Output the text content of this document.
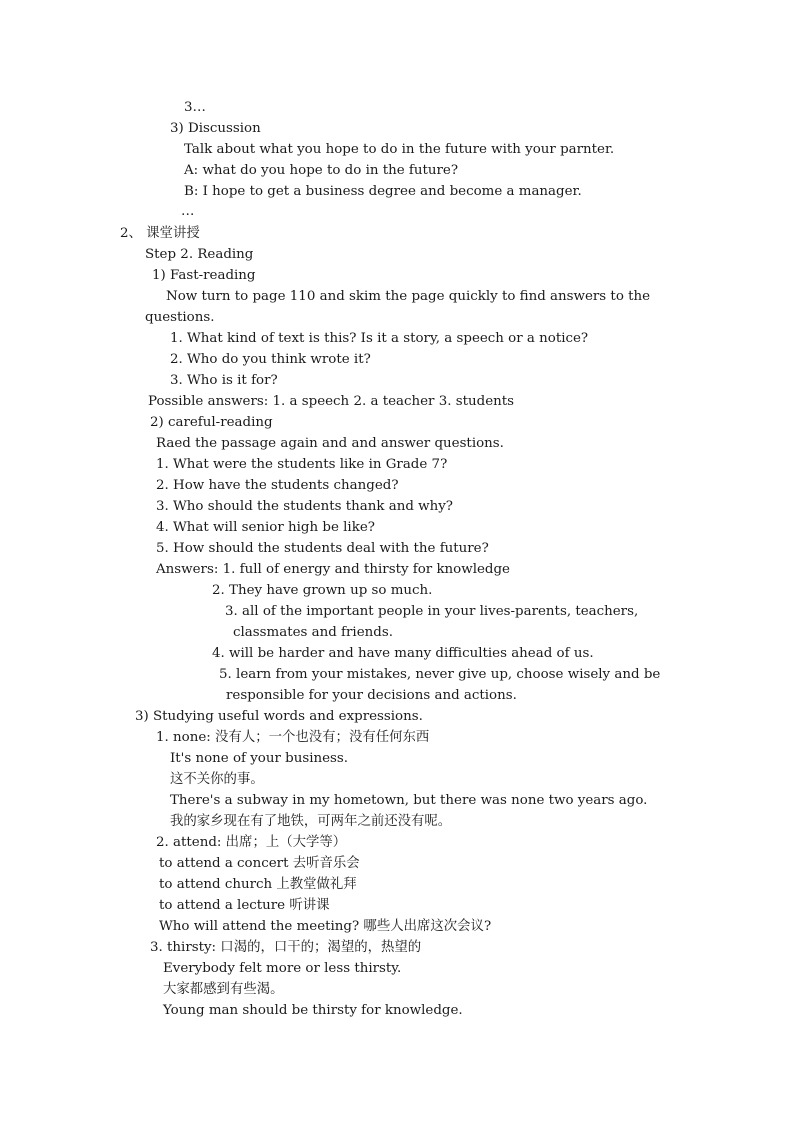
3…
3) Discussion
Talk about what you hope to do in the future with your parnter.
A: what do you hope to do in the future?
B: I hope to get a business degree and become a manager.
…
2、 课堂讲授
Step 2. Reading
1) Fast-reading
Now turn to page 110 and skim the page quickly to find answers to the
questions.
1. What kind of text is this? Is it a story, a speech or a notice?
2. Who do you think wrote it?
3. Who is it for?
Possible answers: 1. a speech 2. a teacher 3. students
2) careful-reading
Raed the passage again and and answer questions.
1. What were the students like in Grade 7?
2. How have the students changed?
3. Who should the students thank and why?
4. What will senior high be like?
5. How should the students deal with the future?
Answers: 1. full of energy and thirsty for knowledge
2. They have grown up so much.
3. all of the important people in your lives-parents, teachers,
classmates and friends.
4. will be harder and have many difficulties ahead of us.
5. learn from your mistakes, never give up, choose wisely and be
responsible for your decisions and actions.
3) Studying useful words and expressions.
1. none: 没有人；一个也没有；没有任何东西
It's none of your business.
这不关你的事。
There's a subway in my hometown, but there was none two years ago.
我的家乡现在有了地铁，可两年之前还没有呢。
2. attend: 出席；上（大学等）
to attend a concert 去听音乐会
to attend church 上教堂做礼拜
to attend a lecture 听讲课
Who will attend the meeting? 哪些人出席这次会议?
3. thirsty: 口渴的，口干的；渴望的，热望的
Everybody felt more or less thirsty.
大家都感到有些渴。
Young man should be thirsty for knowledge.
